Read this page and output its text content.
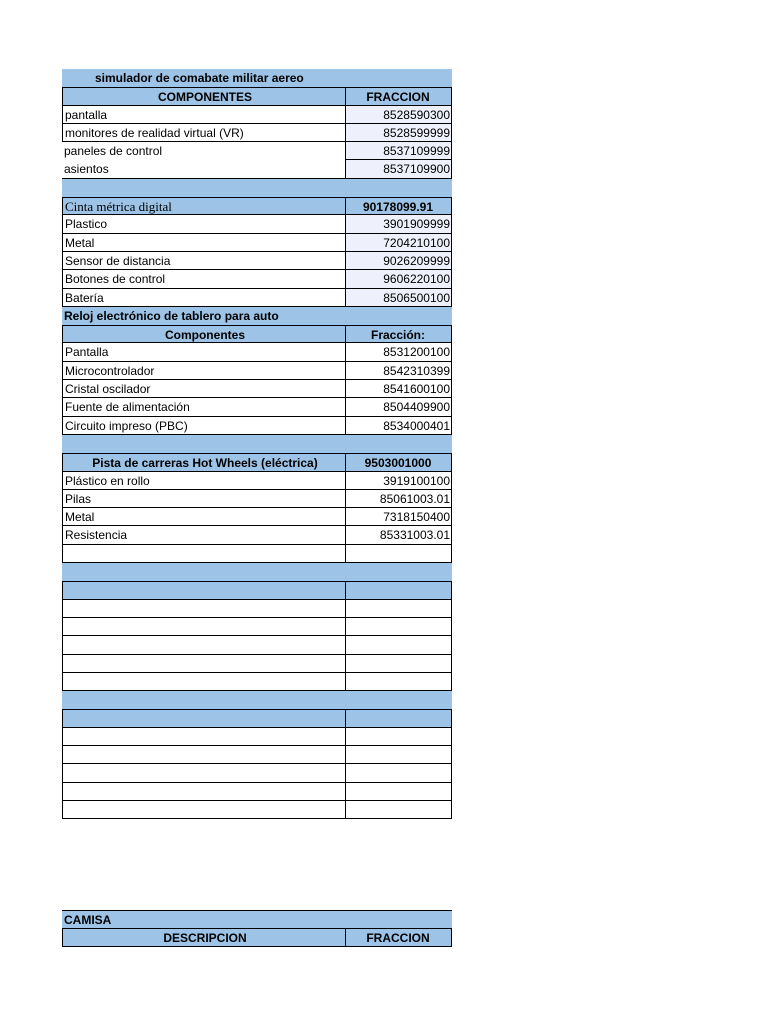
simulador de comabate militar aereo
COMPONENTES	FRACCION
pantalla	8528590300
monitores de realidad virtual (VR)	8528599999
paneles de control	8537109999
asientos	8537109900
Cinta métrica digital	90178099.91
Plastico	3901909999
Metal	7204210100
Sensor de distancia	9026209999
Botones de control	9606220100
Batería	8506500100
Reloj electrónico de tablero para auto
Componentes	Fracción:
Pantalla	8531200100
Microcontrolador	8542310399
Cristal oscilador	8541600100
Fuente de alimentación	8504409900
Circuito impreso (PBC)	8534000401
Pista de carreras Hot Wheels (eléctrica)	9503001000
Plástico en rollo	3919100100
Pilas	85061003.01
Metal	7318150400
Resistencia	85331003.01
CAMISA
DESCRIPCION	FRACCION
